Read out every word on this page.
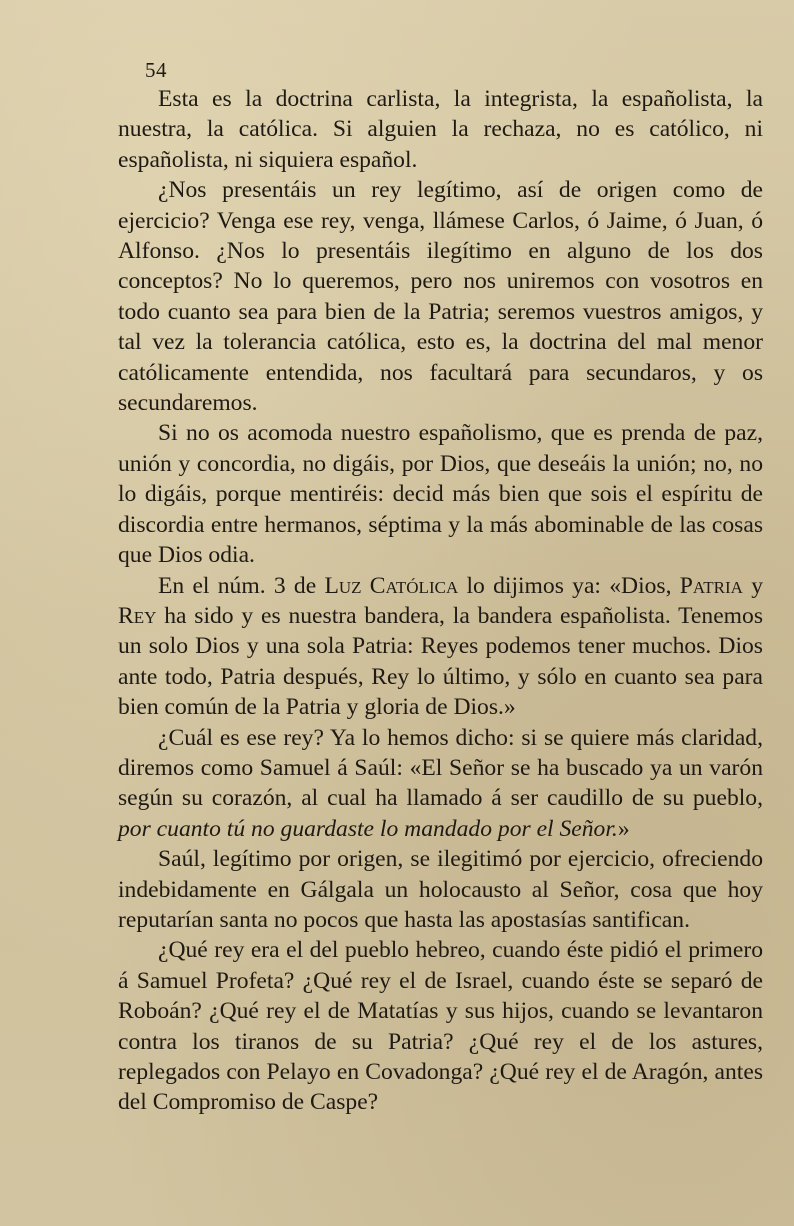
54

Esta es la doctrina carlista, la integrista, la españolista, la nuestra, la católica. Si alguien la rechaza, no es católico, ni españolista, ni siquiera español.

¿Nos presentáis un rey legítimo, así de origen como de ejercicio? Venga ese rey, venga, llámese Carlos, ó Jaime, ó Juan, ó Alfonso. ¿Nos lo presentáis ilegítimo en alguno de los dos conceptos? No lo queremos, pero nos uniremos con vosotros en todo cuanto sea para bien de la Patria; seremos vuestros amigos, y tal vez la tolerancia católica, esto es, la doctrina del mal menor católicamente entendida, nos facultará para secundaros, y os secundaremos.

Si no os acomoda nuestro españolismo, que es prenda de paz, unión y concordia, no digáis, por Dios, que deseáis la unión; no, no lo digáis, porque mentiréis: decid más bien que sois el espíritu de discordia entre hermanos, séptima y la más abominable de las cosas que Dios odia.

En el núm. 3 de Luz Católica lo dijimos ya: «Dios, Patria y Rey ha sido y es nuestra bandera, la bandera españolista. Tenemos un solo Dios y una sola Patria: Reyes podemos tener muchos. Dios ante todo, Patria después, Rey lo último, y sólo en cuanto sea para bien común de la Patria y gloria de Dios.»

¿Cuál es ese rey? Ya lo hemos dicho: si se quiere más claridad, diremos como Samuel á Saúl: «El Señor se ha buscado ya un varón según su corazón, al cual ha llamado á ser caudillo de su pueblo, por cuanto tú no guardaste lo mandado por el Señor.»

Saúl, legítimo por origen, se ilegitimó por ejercicio, ofreciendo indebidamente en Gálgala un holocausto al Señor, cosa que hoy reputarían santa no pocos que hasta las apostasías santifican.

¿Qué rey era el del pueblo hebreo, cuando éste pidió el primero á Samuel Profeta? ¿Qué rey el de Israel, cuando éste se separó de Roboán? ¿Qué rey el de Matatías y sus hijos, cuando se levantaron contra los tiranos de su Patria? ¿Qué rey el de los astures, replegados con Pelayo en Covadonga? ¿Qué rey el de Aragón, antes del Compromiso de Caspe?
